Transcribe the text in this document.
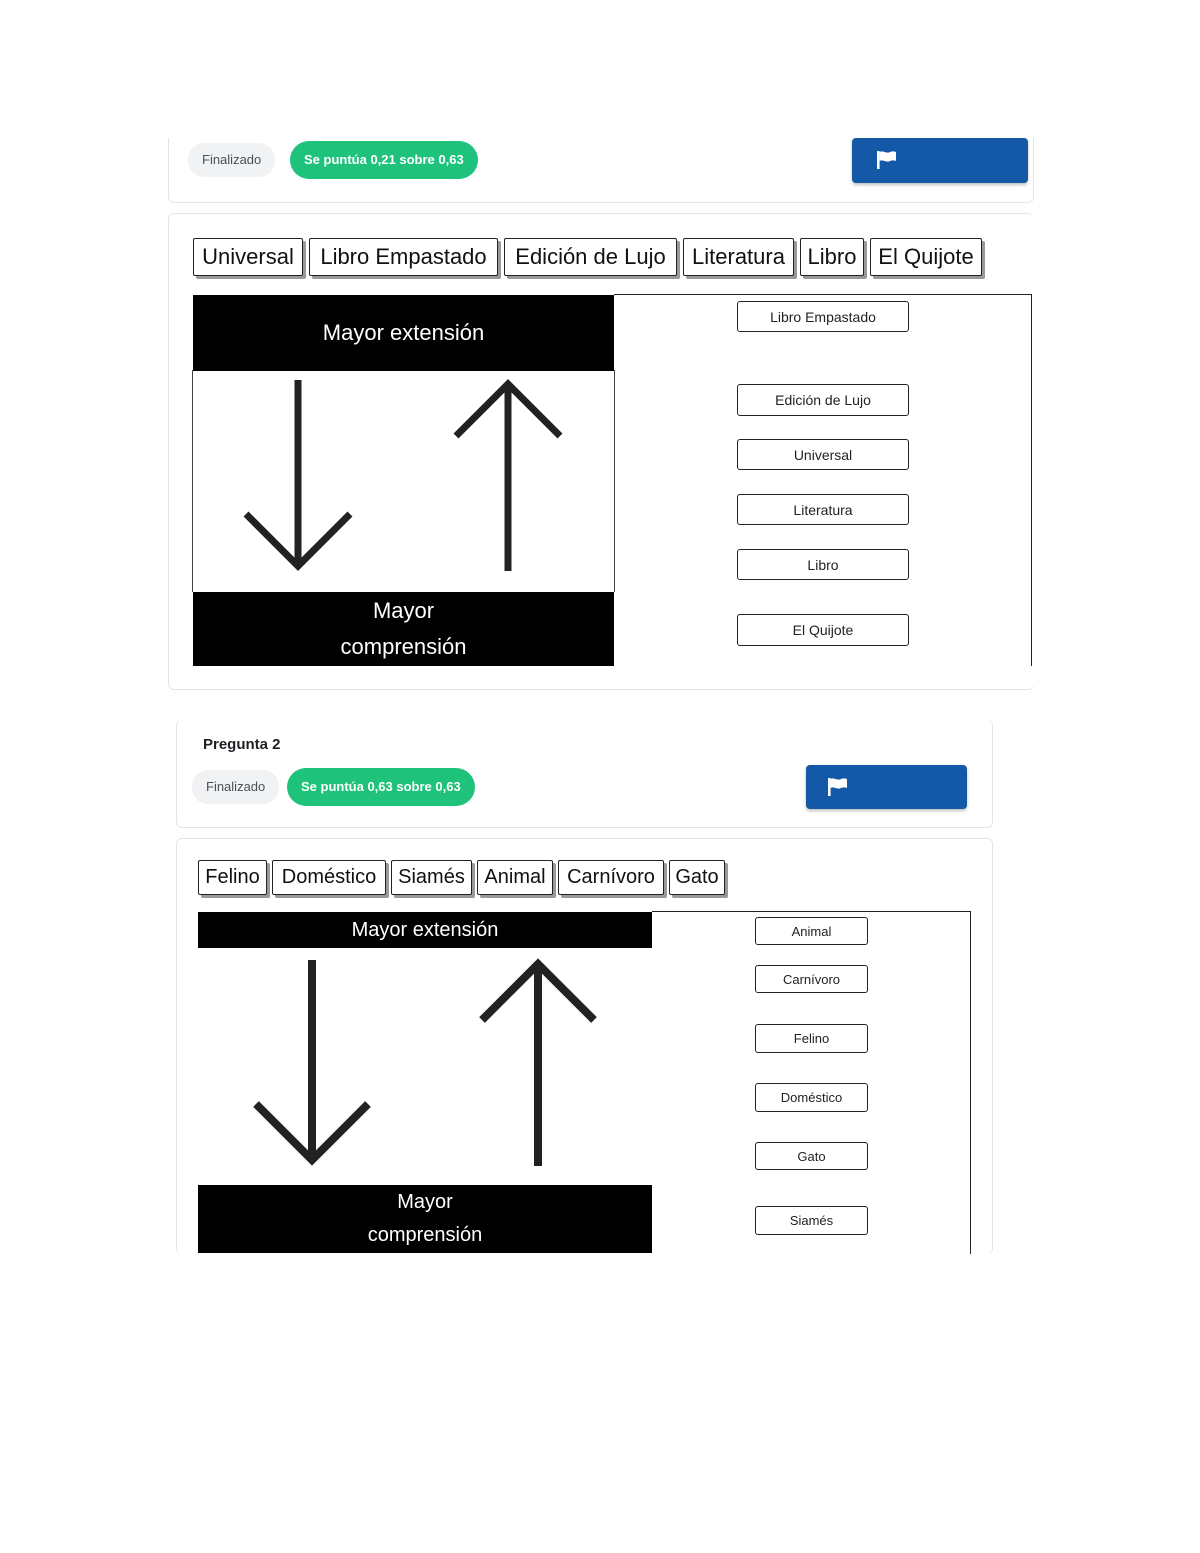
Finalizado	Se puntúa 0,21 sobre 0,63
Universal	Libro Empastado	Edición de Lujo	Literatura	Libro El Quijote
Mayor extensión
Mayor
comprensión
Libro Empastado
Edición de Lujo
Universal
Literatura
Libro
El Quijote
Pregunta 2
Finalizado	Se puntúa 0,63 sobre 0,63
Felino	Doméstico	Siamés Animal	Carnívoro	Gato
Mayor extensión
Mayor
comprensión
Animal
Carnívoro
Felino
Doméstico
Gato
Siamés
